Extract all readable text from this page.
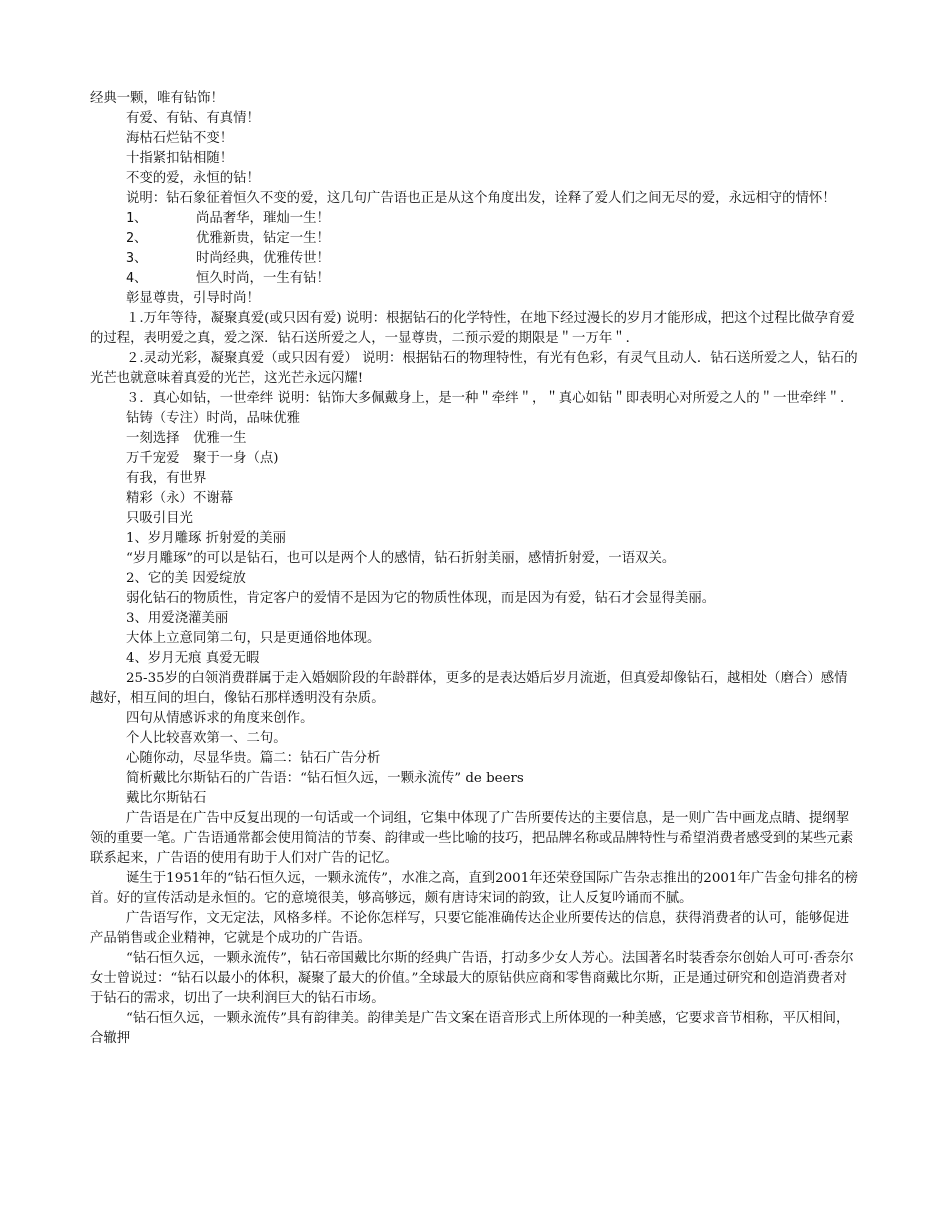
经典一颗，唯有钻饰！

有爱、有钻、有真情！

海枯石烂钻不变！

十指紧扣钻相随！

不变的爱，永恒的钻！

说明：钻石象征着恒久不变的爱，这几句广告语也正是从这个角度出发，诠释了爱人们之间无尽的爱，永远相守的情怀！

1、	尚品奢华，璀灿一生！
2、	优雅新贵，钻定一生！
3、	时尚经典，优雅传世！
4、	恒久时尚，一生有钻！

彰显尊贵，引导时尚！

１.万年等待，凝聚真爱(或只因有爱) 说明：根据钻石的化学特性，在地下经过漫长的岁月才能形成，把这个过程比做孕育爱的过程，表明爱之真，爱之深．钻石送所爱之人，一显尊贵，二预示爱的期限是＂一万年＂．

２.灵动光彩，凝聚真爱（或只因有爱） 说明：根据钻石的物理特性，有光有色彩，有灵气且动人．钻石送所爱之人，钻石的光芒也就意味着真爱的光芒，这光芒永远闪耀!

３．真心如钻，一世牵绊 说明：钻饰大多佩戴身上，是一种＂牵绊＂，＂真心如钻＂即表明心对所爱之人的＂一世牵绊＂.

钻铸（专注）时尚，品味优雅

一刻选择　优雅一生

万千宠爱　聚于一身（点)

有我，有世界

精彩（永）不谢幕

只吸引目光

1、岁月雕琢 折射爱的美丽

“岁月雕琢”的可以是钻石，也可以是两个人的感情，钻石折射美丽，感情折射爱，一语双关。

2、它的美 因爱绽放

弱化钻石的物质性，肯定客户的爱情不是因为它的物质性体现，而是因为有爱，钻石才会显得美丽。

3、用爱浇灌美丽

大体上立意同第二句，只是更通俗地体现。

4、岁月无痕 真爱无暇

25-35岁的白领消费群属于走入婚姻阶段的年龄群体，更多的是表达婚后岁月流逝，但真爱却像钻石，越相处（磨合）感情越好，相互间的坦白，像钻石那样透明没有杂质。

四句从情感诉求的角度来创作。

个人比较喜欢第一、二句。

心随你动，尽显华贵。篇二：钻石广告分析

简析戴比尔斯钻石的广告语：“钻石恒久远，一颗永流传” de beers

戴比尔斯钻石

广告语是在广告中反复出现的一句话或一个词组，它集中体现了广告所要传达的主要信息，是一则广告中画龙点睛、提纲挈领的重要一笔。广告语通常都会使用简洁的节奏、韵律或一些比喻的技巧，把品牌名称或品牌特性与希望消费者感受到的某些元素联系起来，广告语的使用有助于人们对广告的记忆。

诞生于1951年的“钻石恒久远，一颗永流传”，水准之高，直到2001年还荣登国际广告杂志推出的2001年广告金句排名的榜首。好的宣传活动是永恒的。它的意境很美，够高够远，颇有唐诗宋词的韵致，让人反复吟诵而不腻。

广告语写作，文无定法，风格多样。不论你怎样写，只要它能准确传达企业所要传达的信息，获得消费者的认可，能够促进产品销售或企业精神，它就是个成功的广告语。

“钻石恒久远，一颗永流传”，钻石帝国戴比尔斯的经典广告语，打动多少女人芳心。法国著名时装香奈尔创始人可可·香奈尔女士曾说过：“钻石以最小的体积，凝聚了最大的价值。”全球最大的原钻供应商和零售商戴比尔斯，正是通过研究和创造消费者对于钻石的需求，切出了一块利润巨大的钻石市场。

“钻石恒久远，一颗永流传”具有韵律美。韵律美是广告文案在语音形式上所体现的一种美感，它要求音节相称，平仄相间，合辙押
